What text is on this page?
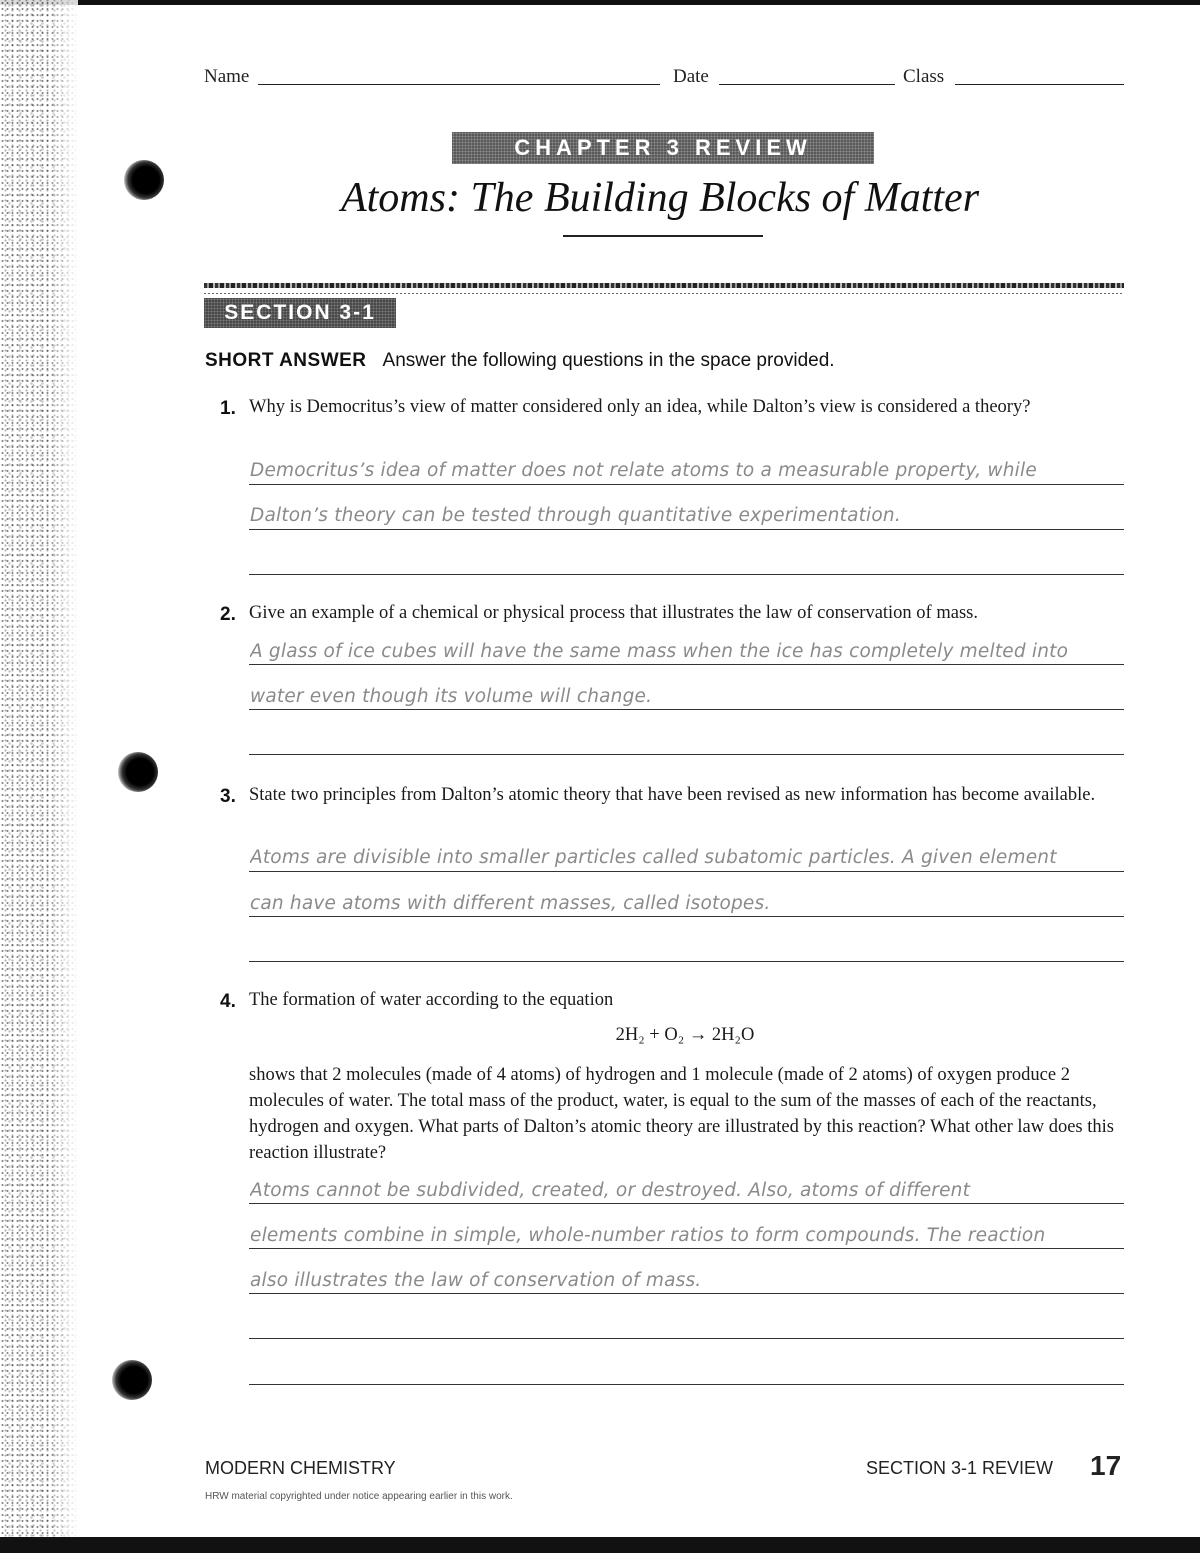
Name	Date	Class
CHAPTER 3 REVIEW
Atoms: The Building Blocks of Matter
SECTION 3-1
SHORT ANSWER Answer the following questions in the space provided.
1. Why is Democritus’s view of matter considered only an idea, while Dalton’s view is considered a theory?
Democritus’s idea of matter does not relate atoms to a measurable property, while
Dalton’s theory can be tested through quantitative experimentation.
2. Give an example of a chemical or physical process that illustrates the law of conservation of mass.
A glass of ice cubes will have the same mass when the ice has completely melted into
water even though its volume will change.
3. State two principles from Dalton’s atomic theory that have been revised as new information has become available.
Atoms are divisible into smaller particles called subatomic particles. A given element
can have atoms with different masses, called isotopes.
4. The formation of water according to the equation
2H₂ + O₂ → 2H₂O
shows that 2 molecules (made of 4 atoms) of hydrogen and 1 molecule (made of 2 atoms) of oxygen produce 2 molecules of water. The total mass of the product, water, is equal to the sum of the masses of each of the reactants, hydrogen and oxygen. What parts of Dalton’s atomic theory are illustrated by this reaction? What other law does this reaction illustrate?
Atoms cannot be subdivided, created, or destroyed. Also, atoms of different
elements combine in simple, whole-number ratios to form compounds. The reaction
also illustrates the law of conservation of mass.
MODERN CHEMISTRY	SECTION 3-1 REVIEW 17
HRW material copyrighted under notice appearing earlier in this work.
